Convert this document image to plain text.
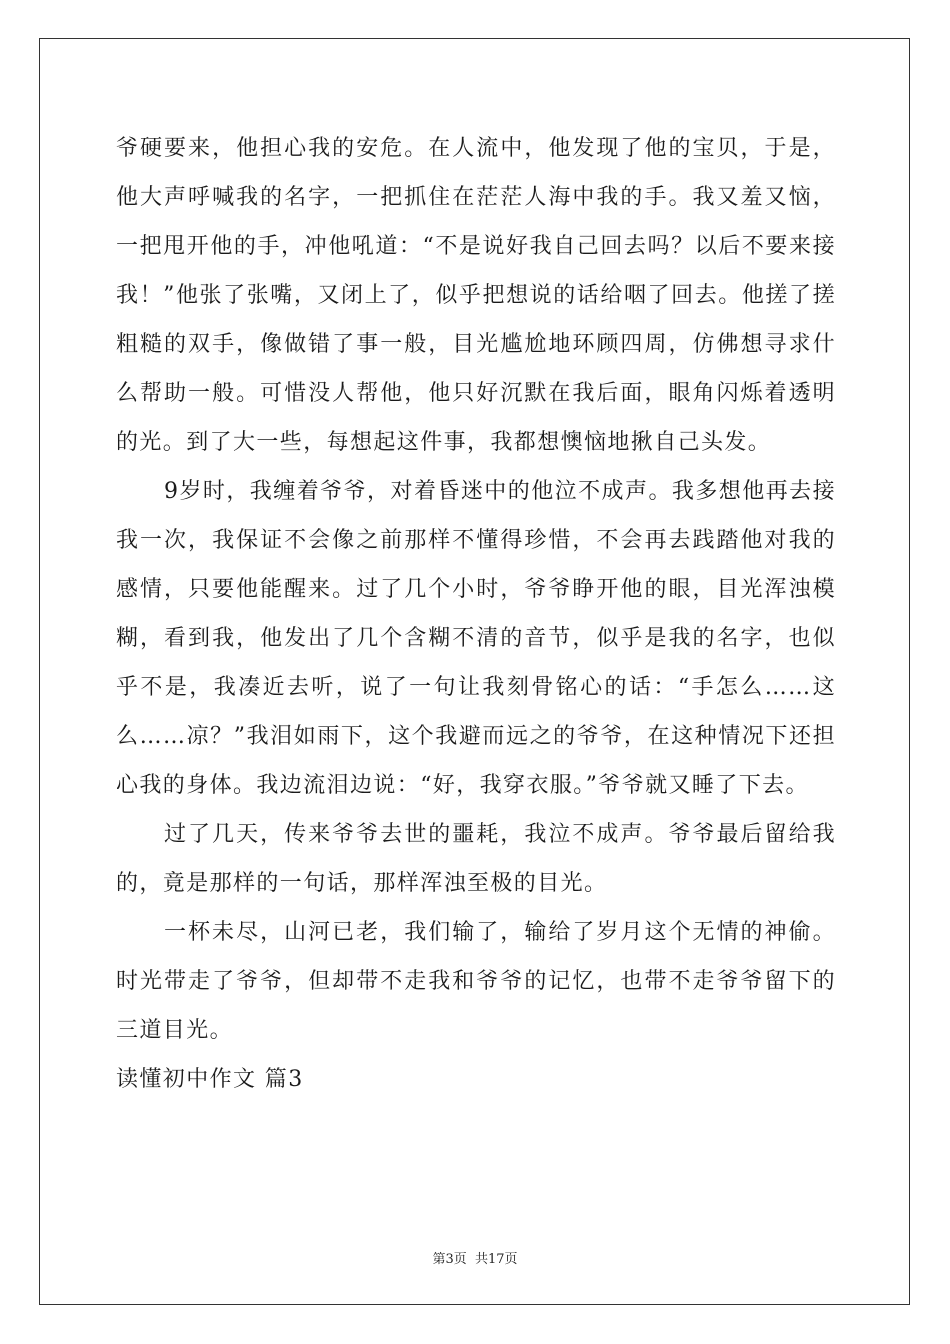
爷硬要来，他担心我的安危。在人流中，他发现了他的宝贝，于是，他大声呼喊我的名字，一把抓住在茫茫人海中我的手。我又羞又恼，一把甩开他的手，冲他吼道：“不是说好我自己回去吗？以后不要来接我！”他张了张嘴，又闭上了，似乎把想说的话给咽了回去。他搓了搓粗糙的双手，像做错了事一般，目光尴尬地环顾四周，仿佛想寻求什么帮助一般。可惜没人帮他，他只好沉默在我后面，眼角闪烁着透明的光。到了大一些，每想起这件事，我都想懊恼地揪自己头发。

9岁时，我缠着爷爷，对着昏迷中的他泣不成声。我多想他再去接我一次，我保证不会像之前那样不懂得珍惜，不会再去践踏他对我的感情，只要他能醒来。过了几个小时，爷爷睁开他的眼，目光浑浊模糊，看到我，他发出了几个含糊不清的音节，似乎是我的名字，也似乎不是，我凑近去听，说了一句让我刻骨铭心的话：“手怎么……这么……凉？”我泪如雨下，这个我避而远之的爷爷，在这种情况下还担心我的身体。我边流泪边说：“好，我穿衣服。”爷爷就又睡了下去。

过了几天，传来爷爷去世的噩耗，我泣不成声。爷爷最后留给我的，竟是那样的一句话，那样浑浊至极的目光。

一杯未尽，山河已老，我们输了，输给了岁月这个无情的神偷。时光带走了爷爷，但却带不走我和爷爷的记忆，也带不走爷爷留下的三道目光。

读懂初中作文 篇3

第3页 共17页
